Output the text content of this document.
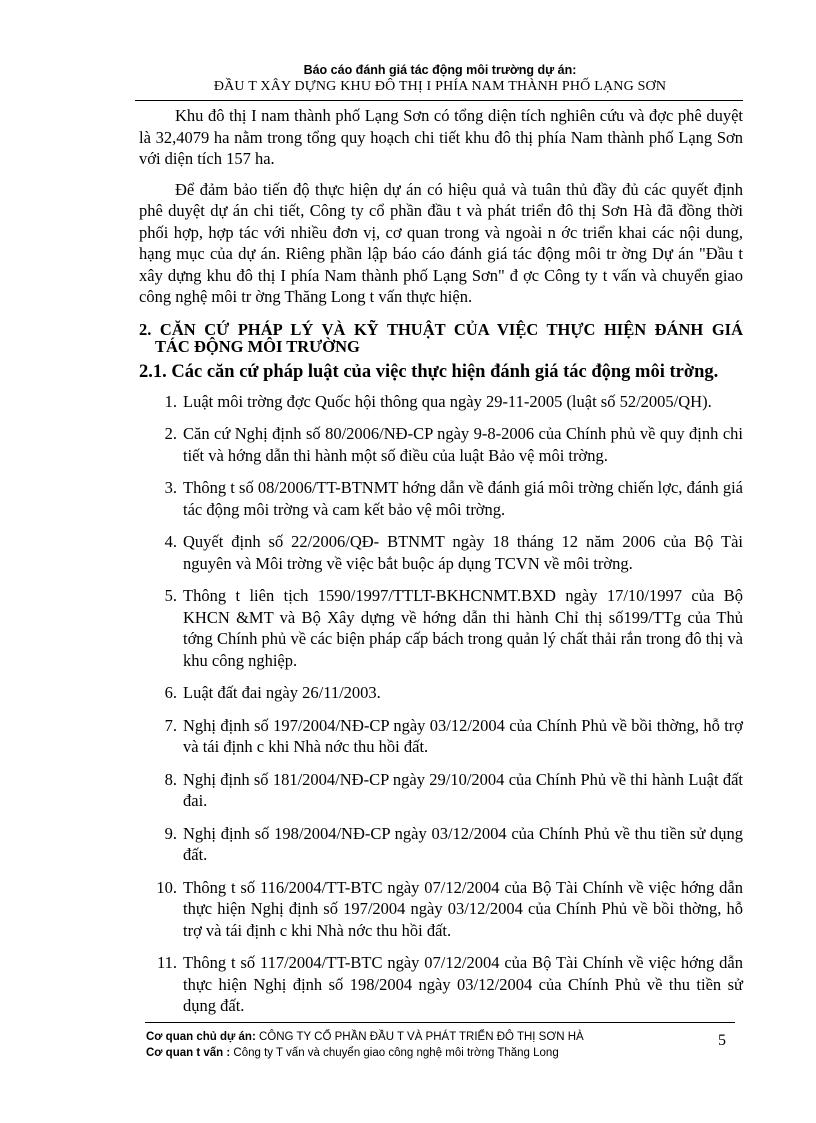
Báo cáo đánh giá tác động môi trường dự án:
ĐẦU T XÂY DỰNG KHU ĐÔ THỊ I PHÍA NAM THÀNH PHỐ LẠNG SƠN

Khu đô thị I nam thành phố Lạng Sơn có tổng diện tích nghiên cứu và đợc phê duyệt là 32,4079 ha nằm trong tổng quy hoạch chi tiết khu đô thị phía Nam thành phố Lạng Sơn với diện tích 157 ha.

Để đảm bảo tiến độ thực hiện dự án có hiệu quả và tuân thủ đầy đủ các quyết định phê duyệt dự án chi tiết, Công ty cổ phần đầu t và phát triển đô thị Sơn Hà đã đồng thời phối hợp, hợp tác với nhiều đơn vị, cơ quan trong và ngoài n ớc triển khai các nội dung, hạng mục của dự án. Riêng phần lập báo cáo đánh giá tác động môi tr ờng Dự án "Đầu t xây dựng khu đô thị I phía Nam thành phố Lạng Sơn" đ ợc Công ty t vấn và chuyển giao công nghệ môi tr ờng Thăng Long t vấn thực hiện.

2. CĂN CỨ PHÁP LÝ VÀ KỸ THUẬT CỦA VIỆC THỰC HIỆN ĐÁNH GIÁ
TÁC ĐỘNG MÔI TRƯỜNG
2.1. Các căn cứ pháp luật của việc thực hiện đánh giá tác động môi trờng.
1. Luật môi trờng đợc Quốc hội thông qua ngày 29-11-2005 (luật số 52/2005/QH).
2. Căn cứ Nghị định số 80/2006/NĐ-CP ngày 9-8-2006 của Chính phủ về quy định chi tiết và hớng dẫn thi hành một số điều của luật Bảo vệ môi trờng.
3. Thông t số 08/2006/TT-BTNMT hớng dẫn về đánh giá môi trờng chiến lợc, đánh giá tác động môi trờng và cam kết bảo vệ môi trờng.
4. Quyết định số 22/2006/QĐ- BTNMT ngày 18 tháng 12 năm 2006 của Bộ Tài nguyên và Môi trờng về việc bắt buộc áp dụng TCVN về môi trờng.
5. Thông t liên tịch 1590/1997/TTLT-BKHCNMT.BXD ngày 17/10/1997 của Bộ KHCN &MT và Bộ Xây dựng về hớng dẫn thi hành Chỉ thị số199/TTg của Thủ tớng Chính phủ về các biện pháp cấp bách trong quản lý chất thải rắn trong đô thị và khu công nghiệp.
6. Luật đất đai ngày 26/11/2003.
7. Nghị định số 197/2004/NĐ-CP ngày 03/12/2004 của Chính Phủ về bồi thờng, hỗ trợ và tái định c khi Nhà nớc thu hồi đất.
8. Nghị định số 181/2004/NĐ-CP ngày 29/10/2004 của Chính Phủ về thi hành Luật đất đai.
9. Nghị định số 198/2004/NĐ-CP ngày 03/12/2004 của Chính Phủ về thu tiền sử dụng đất.
10. Thông t số 116/2004/TT-BTC ngày 07/12/2004 của Bộ Tài Chính về việc hớng dẫn thực hiện Nghị định số 197/2004 ngày 03/12/2004 của Chính Phủ về bồi thờng, hỗ trợ và tái định c khi Nhà nớc thu hồi đất.
11. Thông t số 117/2004/TT-BTC ngày 07/12/2004 của Bộ Tài Chính về việc hớng dẫn thực hiện Nghị định số 198/2004 ngày 03/12/2004 của Chính Phủ về thu tiền sử dụng đất.
Cơ quan chủ dự án: CÔNG TY CỔ PHẦN ĐẦU T VÀ PHÁT TRIỂN ĐÔ THỊ SƠN HÀ
Cơ quan t vấn : Công ty T vấn và chuyển giao công nghệ môi trờng Thăng Long
5
